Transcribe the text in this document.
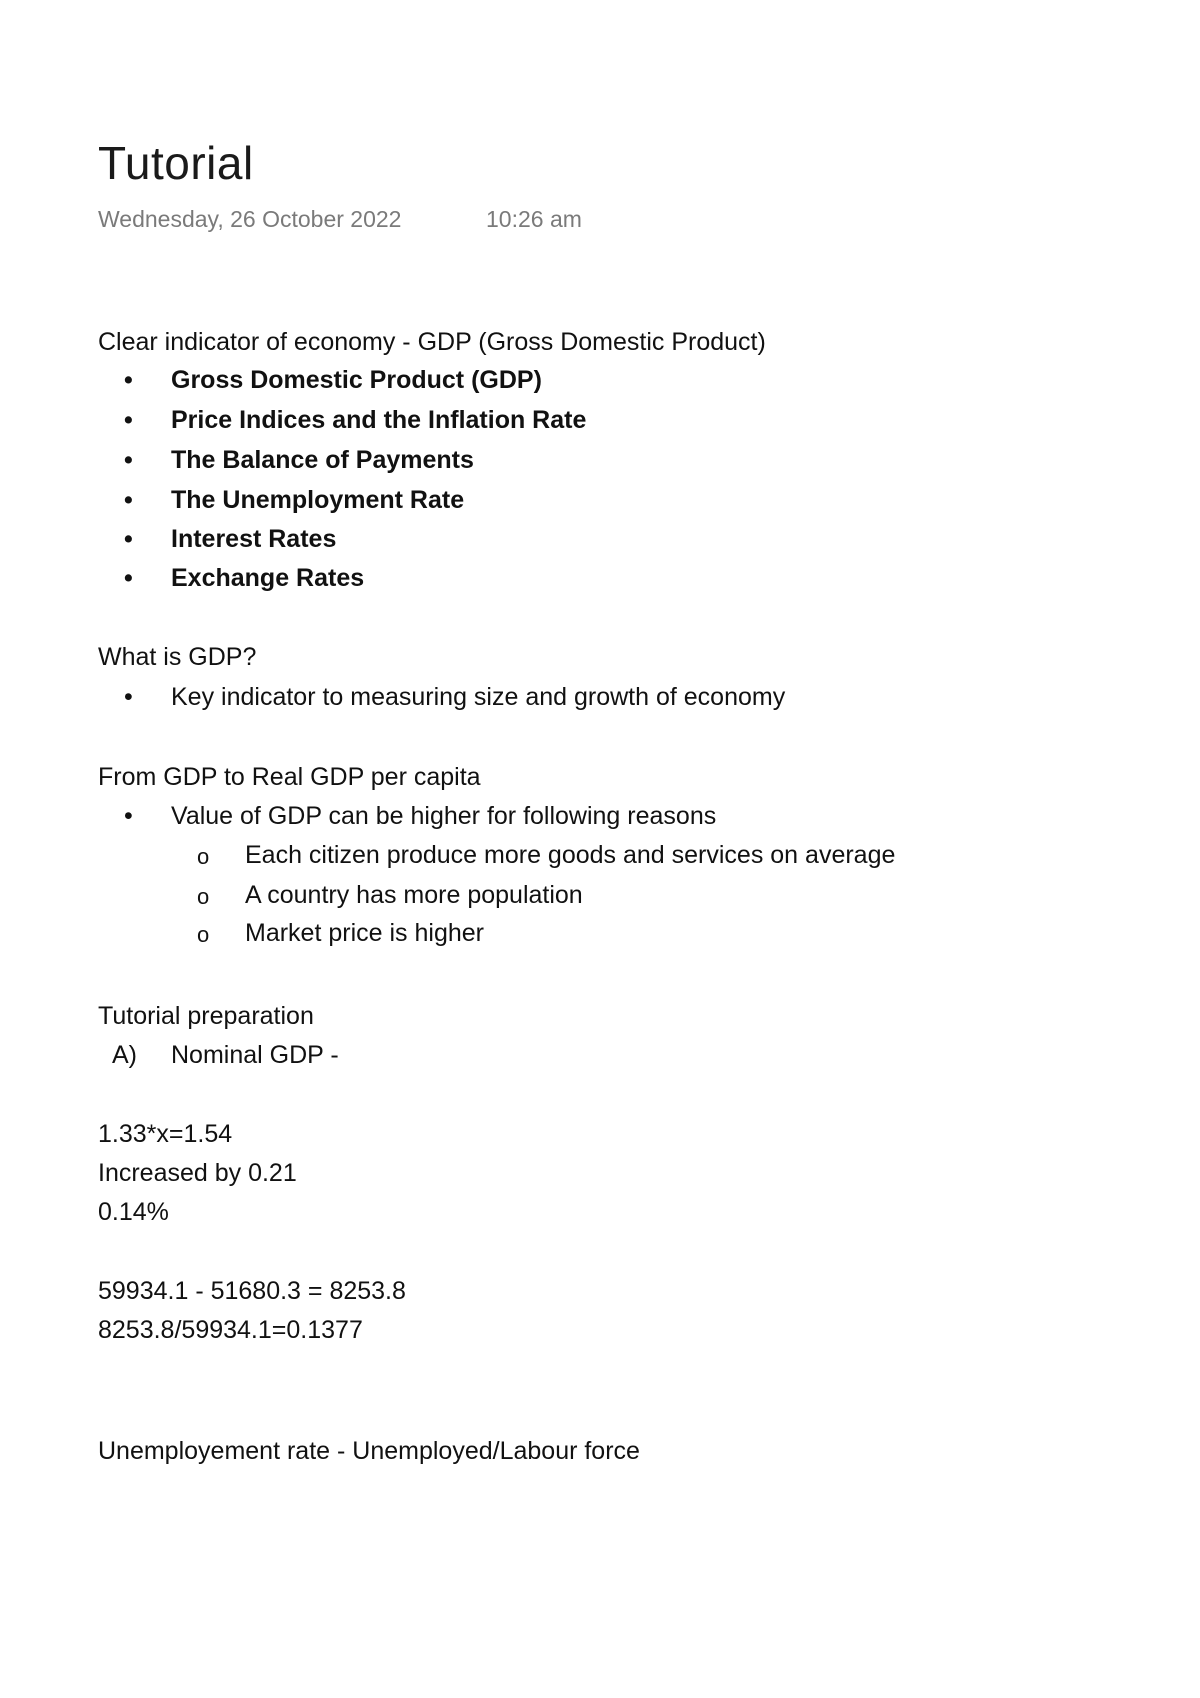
Tutorial
Wednesday, 26 October 2022	10:26 am
Clear indicator of economy - GDP (Gross Domestic Product)
• Gross Domestic Product (GDP)
• Price Indices and the Inflation Rate
• The Balance of Payments
• The Unemployment Rate
• Interest Rates
• Exchange Rates
What is GDP?
• Key indicator to measuring size and growth of economy
From GDP to Real GDP per capita
• Value of GDP can be higher for following reasons
o Each citizen produce more goods and services on average
o A country has more population
o Market price is higher
Tutorial preparation
A) Nominal GDP -
1.33*x=1.54
Increased by 0.21
0.14%
59934.1 - 51680.3 = 8253.8
8253.8/59934.1=0.1377
Unemployement rate - Unemployed/Labour force
